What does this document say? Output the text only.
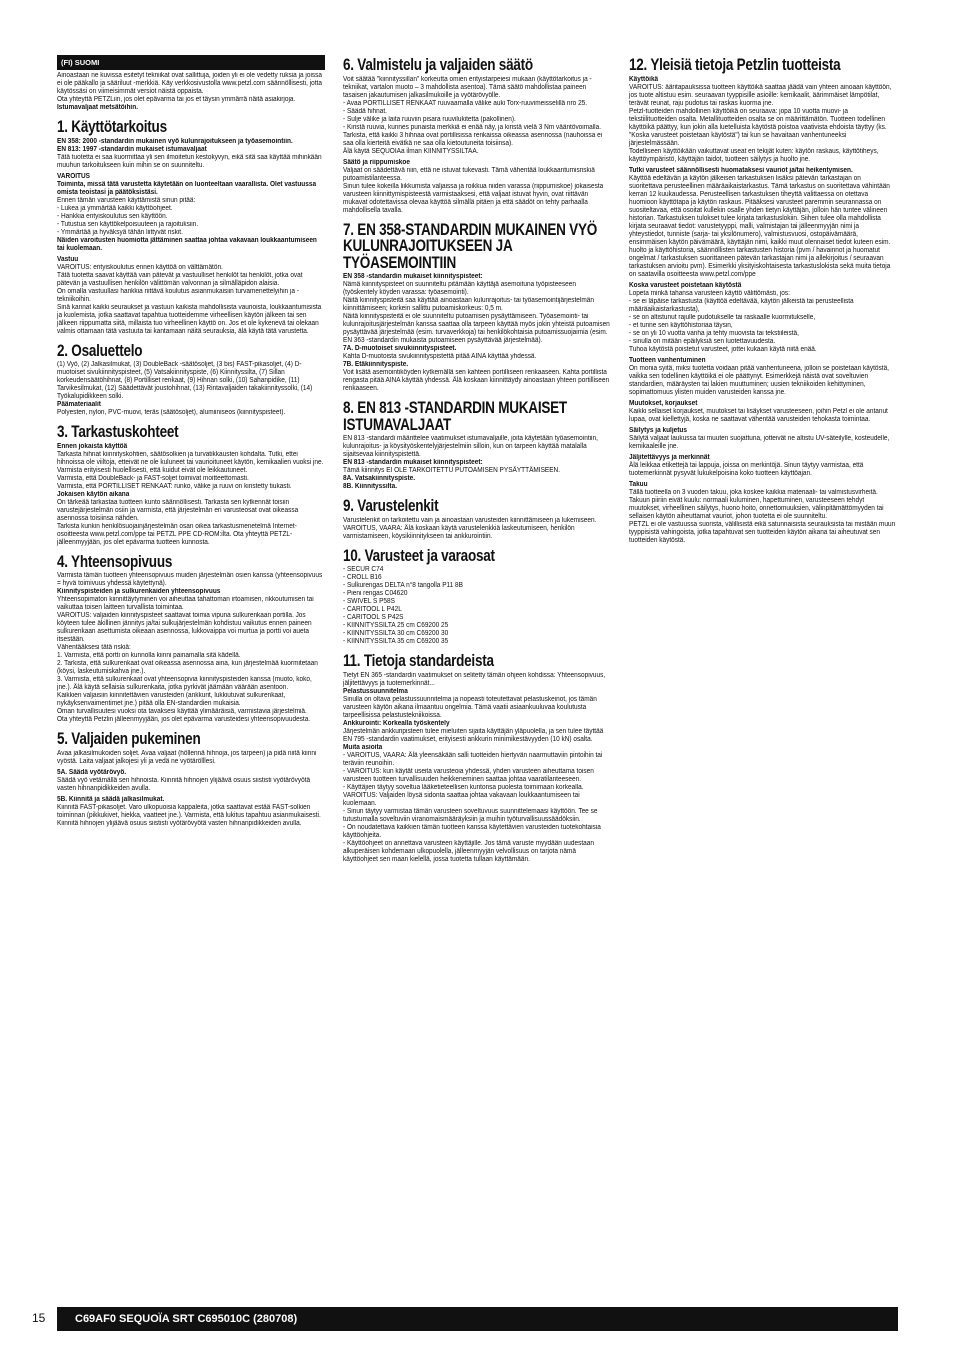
(FI) SUOMI

Ainoastaan ne kuvissa esitetyt tekniikat ovat sallittuja, joiden yli ei ole vedetty ruksia ja joissa ei ole pääkallo ja sääriluut -merkkiä. Käy verkkosivustolla www.petzl.com säännöllisesti, jotta käytössäsi on viimeisimmät versiot näistä oppaista.

Ota yhteyttä PETZLiin, jos olet epävarma tai jos et täysin ymmärrä näitä asiakirjoja.

Istumavaljaat metsätöihin.

1. Käyttötarkoitus

EN 358: 2000 -standardin mukainen vyö kulunrajoitukseen ja työasemointiin.

EN 813: 1997 -standardin mukaiset istumavaljaat

Tätä tuotetta ei saa kuormittaa yli sen ilmoitetun kestokyvyn, eikä sitä saa käyttää mihinkään muuhun tarkoitukseen kuin mihin se on suunniteltu.

VAROITUS

Toiminta, missä tätä varustetta käytetään on luonteeltaan vaarallista. Olet vastuussa omista teoistasi ja päätöksistäsi.

Ennen tämän varusteen käyttämistä sinun pitää:

- Lukea ja ymmärtää kaikki käyttöohjeet.

- Hankkia erityiskoulutus sen käyttöön.

- Tutustua sen käyttökelpoisuuteen ja rajoituksiin.

- Ymmärtää ja hyväksyä tähän liittyvät riskit.

Näiden varoitusten huomiotta jättäminen saattaa johtaa vakavaan loukkaantumiseen tai kuolemaan.

Vastuu

VAROITUS: erityiskoulutus ennen käyttöä on välttämätön.

Tätä tuotetta saavat käyttää vain pätevät ja vastuulliset henkilöt tai henkilöt, jotka ovat pätevän ja vastuullisen henkilön välittömän valvonnan ja silmälläpidon alaisia.

On omalla vastuullasi hankkia riittävä koulutus asianmukaisiin turvamenettelyihin ja -tekniikoihin.

Sinä kannat kaikki seuraukset ja vastuun kaikista mahdollisista vaurioista, loukkaantumisista ja kuolemista, jotka saattavat tapahtua tuotteidemme virheellisen käytön jälkeen tai sen jälkeen riippumatta siitä, millaista tuo virheellinen käyttö on. Jos et ole kykenevä tai olekaan valmis ottamaan tätä vastuuta tai kantamaan näitä seurauksia, älä käytä tätä varustetta.

2. Osaluettelo

(1) Vyö, (2) Jalkasilmukat, (3) DoubleBack -säätösoljet, (3 bis) FAST-pikasoljet, (4) D-muotoiset sivukiinnityspisteet, (5) Vatsakiinnityspiste, (6) Kiinnityssilta, (7) Sillan korkeudensäätöhihnat, (8) Portilliset renkaat, (9) Hihnan solki, (10) Sahanpidike, (11) Tarvikesilmukat, (12) Säädettävät joustohihnat, (13) Rintavaljaiden takakiinnityssolki, (14) Työkalupidikkeen solki.

Päämateriaalit

Polyesteri, nylon, PVC-muovi, teräs (säätösoljet), alumiiniseos (kiinnityspisteet).

3. Tarkastuskohteet

Ennen jokaista käyttöä

Tarkasta hihnat kiinnityskohtien, säätösolkien ja turvatikkausten kohdalta. Tutki, ettei hihnoissa ole viiltoja, etteivät ne ole kuluneet tai vaurioituneet käytön, kemikaalien vuoksi jne. Varmista erityisesti huolellisesti, että kuidut eivät ole leikkautuneet.

Varmista, että DoubleBack- ja FAST-soljet toimivat moitteettomasti.

Varmista, että PORTILLISET RENKAAT: runko, välike ja ruuvi on kiristetty tiukasti.

Jokaisen käytön aikana

On tärkeää tarkastaa tuotteen kunto säännöllisesti. Tarkasta sen kytkennät toisiin varustejärjestelmän osiin ja varmista, että järjestelmän eri varusteosat ovat oikeassa asennossa toisiinsa nähden.

Tarkista kunkin henkilösuojainjärjestelmän osan oikea tarkastusmenetelmä Internet-osoitteesta www.petzl.com/ppe tai PETZL PPE CD-ROM:ilta. Ota yhteyttä PETZL-jälleenmyyjään, jos olet epävarma tuotteen kunnosta.

4. Yhteensopivuus

Varmista tämän tuotteen yhteensopivuus muiden järjestelmän osien kanssa (yhteensopivuus = hyvä toimivuus yhdessä käytettynä).

Kiinnityspisteiden ja sulkurenkaiden yhteensopivuus

Yhteensopimaton kiinnittäytyminen voi aiheuttaa tahattoman irtoamisen, rikkoutumisen tai vaikuttaa toisen laitteen turvallista toimintaa.

VAROITUS: valjaiden kiinnityspisteet saattavat toimia vipuna sulkurenkaan portilla. Jos köyteen tulee äkillinen jännitys ja/tai sulkujärjestelmän kohdistuu vaikutus ennen paineen sulkurenkaan asettumista oikeaan asennossa, lukkovaippa voi murtua ja portti voi aueta itsestään.

Vähentääksesi tätä riskiä:

1. Varmista, että portti on kunnolla kiinni painamalla sitä kädellä.

2. Tarkista, että sulkurenkaat ovat oikeassa asennossa aina, kun järjestelmää kuormitetaan (köysi, laskeutumiskahva jne.).

3. Varmista, että sulkurenkaat ovat yhteensopivia kiinnityspisteiden kanssa (muoto, koko, jne.). Älä käytä sellaisia sulkurenkaita, jotka pyrkivät jäämään väärään asentoon.

Kaikkien valjaisiin kiinnitettävien varusteiden (ankkurit, lukkiutuvat sulkurenkaat, nykäyksenvaimentimet jne.) pitää olla EN-standardien mukaisia.

Oman turvallisuutesi vuoksi ota tavaksesi käyttää ylimääräisiä, varmistavia järjestelmiä.

Ota yhteyttä Petzlin jälleenmyyjään, jos olet epävarma varusteidesi yhteensopivuudesta.

5. Valjaiden pukeminen

Avaa jalkasilmukoiden soljet. Avaa valjaat (höllennä hihnoja, jos tarpeen) ja pidä niitä kiinni vyöstä. Laita valjaat jalkojesi yli ja vedä ne vyötärölllesi.

5A. Säädä vyötärövyö.

Säädä vyö vetämällä sen hihnoista. Kiinnitä hihnojen ylijäävä osuus siististi vyötärövyötä vasten hihnanpidikkeiden avulla.

5B. Kiinnitä ja säädä jalkasilmukat.

Kiinnitä FAST-pikasoljet. Varo ulkopuoisia kappaleita, jotka saattavat estää FAST-solkien toiminnan (pikkukivet, hiekka, vaatteet jne.). Varmista, että lukitus tapahtuu asianmukaisesti.

Kiinnitä hihnojen ylijäävä osuus siististi vyötärövyötä vasten hihnanpidikkeiden avulla.

6. Valmistelu ja valjaiden säätö

Voit säätää "kiinnityssillan" korkeutta omien erityistarpeiesi mukaan (käyttötarkoitus ja -tekniikat, vartalon muoto – 3 mahdollista asentoa). Tämä säätö mahdollistaa paineen tasaisen jakautumisen jalkasilmukoille ja vyötärövyölle.

- Avaa PORTILLISET RENKAAT ruuvaamalla välike auki Torx-ruuvimeisselillä nro 25.

- Säädä hihnat.

- Sulje välike ja laita ruuviin pisara ruuvilukitetta (pakollinen).

- Kiristä ruuvia, kunnes punaista merkkiä ei enää näy, ja kiristä vielä 3 Nm vääntövoimalla.

Tarkista, että kaikki 3 hihnaa ovat portillisissa renkaissa oikeassa asennossa (nauhoissa ei saa olla kierteitä eivätkä ne saa olla kietoutuneita toisiinsa).

Älä käytä SEQUOIAa ilman KIINNITYSSILTAA.

Säätö ja riippumiskoe

Valjaat on säädettävä niin, että ne istuvat tukevasti. Tämä vähentää loukkaantumisriskiä putoamistilanteessa.

Sinun tulee kokeilla liikkumista valjaissa ja roikkua niiden varassa (riippumiskoe) jokaisesta varusteen kiinnittymispisteestä varmistaaksesi, että valjaat istuvat hyvin, ovat riittävän mukavat odotettavissa olevaa käyttöä silmällä pitäen ja että säädöt on tehty parhaalla mahdollisella tavalla.

7. EN 358-STANDARDIN MUKAINEN VYÖ KULUNRAJOITUKSEEN JA TYÖASEMOINTIIN

EN 358 -standardin mukaiset kiinnityspisteet:

Nämä kiinnityspisteet on suunniteltu pitämään käyttäjä asemoituna työpisteeseen (työskentely köyden varassa: työasemointi).

Näitä kiinnityspisteitä saa käyttää ainoastaan kulunrajoitus- tai työasemointijärjestelmän kiinnittämiseen; korkein sallittu putoamiskorkeus: 0,5 m.

Näitä kiinnityspisteitä ei ole suunniteltu putoamisen pysäyttämiseen. Työasemointi- tai kulunrajoitusjärjestelmän kanssa saattaa olla tarpeen käyttää myös jokin yhteistä putoamisen pysäyttävää järjestelmää (esim. turvaverkkoja) tai henkilökohtaisia putoamissuojaimia (esim. EN 363 -standardin mukaista putoamiseen pysäyttävää järjestelmää).

7A. D-muotoiset sivukiinnityspisteet.

Kahta D-muotoista sivukiinnityspistettä pitää AINA käyttää yhdessä.

7B. Etäkiinnityspiste.

Voit lisätä asemointiköyden kytkemällä sen kahteen portilliseen renkaaseen. Kahta portillista rengasta pitää AINA käyttää yhdessä. Älä koskaan kiinnittäydy ainoastaan yhteen portilliseen renkaaseen.

8. EN 813 -STANDARDIN MUKAISET ISTUMAVALJAAT

EN 813 -standardi määrittelee vaatimukset istumavaljaille, joita käytetään työasemointiin, kulunrajoitus- ja köysityöskentelyjärjestelmiin silloin, kun on tarpeen käyttää matalalla sijaitsevaa kiinnityspistettä.

EN 813 -standardin mukaiset kiinnityspisteet:

Tämä kiinnitys EI OLE TARKOITETTU PUTOAMISEN PYSÄYTTÄMISEEN.

8A. Vatsakiinnityspiste.

8B. Kiinnityssilta.

9. Varustelenkit

Varustelenkit on tarkoitettu vain ja ainoastaan varusteiden kiinnittämiseen ja lukemiseen.

VAROITUS, VAARA: Älä koskaan käytä varustelenkkiä laskeutumiseen, henkilön varmistamiseen, köysikiinnitykseen tai ankkurointiin.

10. Varusteet ja varaosat

- SECUR C74

- CROLL B16

- Sulkurengas DELTA n°8 tangolla P11 8B

- Pieni rengas C04620

- SWIVEL S P58S

- CARITOOL L P42L

- CARITOOL S P42S

- KIINNITYSSILTA 25 cm C69200 25

- KIINNITYSSILTA 30 cm C69200 30

- KIINNITYSSILTA 35 cm C69200 35

11. Tietoja standardeista

Tietyt EN 365 -standardin vaatimukset on selitetty tämän ohjeen kohdissa: Yhteensopivuus, jäljitettävyys ja tuotemerkinnät...

Pelastussuunnitelma

Sinulla on oltava pelastussuunnitelma ja nopeasti toteutettavat pelastuskeinot, jos tämän varusteen käytön aikana ilmaantuu ongelmia. Tämä vaatii asiaankuuluvaa koulutusta tarpeellisissa pelastustekniikoissa.

Ankkurointi: Korkealla työskentely

Järjestelmän ankkuripisteen tulee mieluiten sijaita käyttäjän yläpuolella, ja sen tulee täyttää EN 795 -standardin vaatimukset, erityisesti ankkurin minimikestävyyden (10 kN) osalta.

Muita asioita

- VAROITUS, VAARA: Älä yleensäkään salli tuotteiden hiertyvän naarmuttaviin pintoihin tai teräviin reunoihin.

- VAROITUS: kun käytät useita varusteoia yhdessä, yhden varusteen aiheuttama toisen varusteen tuotteen turvallisuuden heikkeneminen saattaa johtaa vaaratilanteeseen.

- Käyttäjien täytyy soveltua lääketieteellisen kuntonsa puolesta toimimaan korkealla. VAROITUS: Valjaiden löysä sidonta saattaa johtaa vakavaan loukkaantumiseen tai kuolemaan.

- Sinun täytyy varmistaa tämän varusteen soveltuvuus suunnittelemaasi käyttöön. Tee se tutustumalla soveltuviin viranomaismääräyksiin ja muihin työturvallisuussäädöksiin.

- On noudatettava kaikkien tämän tuotteen kanssa käytettävien varusteiden tuotekohtaisia käyttöohjeita.

- Käyttöohjeet on annettava varusteen käyttäjille. Jos tämä varuste myydään uudestaan alkuperäisen kohdemaan ulkopuolella, jälleenmyyjän velvollisuus on tarjota nämä käyttöohjeet sen maan kielellä, jossa tuotetta tullaan käyttämään.

12. Yleisiä tietoja Petzlin tuotteista

Käyttöikä

VAROITUS: ääritapauksissa tuotteen käyttöikä saattaa jäädä vain yhteen ainoaan käyttöön, jos tuote altistuu esim. seuraavan tyyppisille asioille: kemikaalit, äärimmäiset lämpötilat, terävät reunat, raju pudotus tai raskas kuorma jne.

Petzl-tuotteiden mahdollinen käyttöikä on seuraava: jopa 10 vuotta muovi- ja tekstiilituotteiden osalta. Metallituotteiden osalta se on määrittämätön. Tuotteen todellinen käyttöikä päättyy, kun jokin alla luetelluista käytöstä poistoa vaativista ehdoista täyttyy (ks. "Koska varusteet poistetaan käytöstä") tai kun se havaitaan vanhentuneeksi järjestelmässään.

Todelliseen käyttöikään vaikuttavat useat eri tekijät kuten: käytön raskaus, käyttötiheys, käyttöympäristö, käyttäjän taidot, tuotteen säilytys ja huolto jne.

Tutki varusteet säännöllisesti huomataksesi vauriot ja/tai heikentymisen.

Käyttöä edeltävän ja käytön jälkeisen tarkastuksen lisäksi pätevän tarkastajan on suoritettava perusteellinen määräaikaistarkastus. Tämä tarkastus on suoritettava vähintään kerran 12 kuukaudessa. Perusteellisen tarkastuksen tiheyttä valittaessa on otettava huomioon käyttötapa ja käytön raskaus. Pitääksesi varusteet paremmin seurannassa on suositeltavaa, että osoitat kullekin osalle yhden tietyn käyttäjän, jolloin hän tuntee välineen historian. Tarkastuksen tulokset tulee kirjata tarkastuslokiin. Siihen tulee olla mahdollista kirjata seuraavat tiedot: varustetyyppi, malli, valmistajan tai jälleenmyyjän nimi ja yhteystiedot, tunniste (sarja- tai yksilönumero), valmistusvuosi, ostopäivämäärä, ensimmäisen käytön päivämäärä, käyttäjän nimi, kaikki muut olennaiset tiedot kuteen esim. huolto ja käyttöhistoria, säännöllisten tarkastusten historia (pvm / havainnot ja huomatut ongelmat / tarkastuksen suorittaneen pätevän tarkastajan nimi ja allekirjoitus / seuraavan tarkastuksen arvioitu pvm). Esimerkki yksityiskohtaisesta tarkastuslokista sekä muita tietoja on saatavilla osoitteesta www.petzl.com/ppe

Koska varusteet poistetaan käytöstä

Lopeta minkä tahansa varusteen käyttö välittömästi, jos:

- se ei läpäise tarkastusta (käyttöä edeltävää, käytön jälkeistä tai perusteellista määräaikaistarkastusta),

- se on altistunut rajulle pudotukselle tai raskaalle kuormitukselle,

- et tunne sen käyttöhistoriaa täysin,

- se on yli 10 vuotta vanha ja tehty muovista tai tekstiileistä,

- sinulla on mitään epäilyksiä sen luotettavuudesta.

Tuhoa käytöstä poistetut varusteet, jottei kukaan käytä niitä enää.

Tuotteen vanhentuminen

On monia syitä, miksi tuotetta voidaan pitää vanhentuneena, jolloin se poistetaan käytöstä, vaikka sen todellinen käyttöikä ei ole päättynyt. Esimerkkejä näistä ovat soveltuvien standardien, määräysten tai lakien muuttuminen; uusien tekniikoiden kehittyminen, sopimattomuus ylisten muiden varusteiden kanssa jne.

Muutokset, korjaukset

Kaikki sellaiset korjaukset, muutokset tai lisäykset varusteeseen, joihin Petzl ei ole antanut lupaa, ovat kiellettyjä, koska ne saattavat vähentää varusteiden tehokasta toimintaa.

Säilytys ja kuljetus

Säilytä valjaat laukussa tai muuten suojattuna, jotteivät ne altistu UV-säteilylle, kosteudelle, kemikaaleille jne.

Jäljitettävyys ja merkinnät

Älä leikkaa etikettejä tai lappuja, joissa on merkintöjä. Sinun täytyy varmistaa, että tuotemerkinnät pysyvät lukukelpoisina koko tuotteen käyttöajan.

Takuu

Tällä tuotteella on 3 vuoden takuu, joka koskee kaikkia materiaali- tai valmistusvirheitä. Takuun piiriin eivät kuulu: normaali kuluminen, hapettuminen, varusteeseen tehdyt muutokset, virheellinen säilytys, huono hoito, onnettomuuksien, välinpitämättömyyden tai sellaisen käytön aiheuttamat vauriot, johon tuotetta ei ole suunniteltu.

PETZL ei ole vastuussa suorista, välillisistä eikä satunnaisista seurauksista tai mistään muun tyyppisistä vahingoista, jotka tapahtuvat sen tuotteiden käytön aikana tai aiheutuvat sen tuotteiden käytöstä.

15	C69AF0 SEQUOÏA SRT C695010C (280708)
